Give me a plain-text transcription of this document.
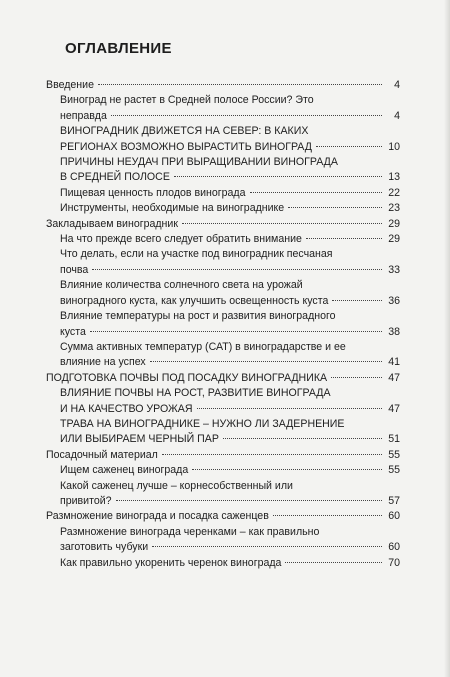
ОГЛАВЛЕНИЕ
Введение	4
Виноград не растет в Средней полосе России? Это
неправда	4
ВИНОГРАДНИК ДВИЖЕТСЯ НА СЕВЕР: В КАКИХ
РЕГИОНАХ ВОЗМОЖНО ВЫРАСТИТЬ ВИНОГРАД	10
ПРИЧИНЫ НЕУДАЧ ПРИ ВЫРАЩИВАНИИ ВИНОГРАДА
В СРЕДНЕЙ ПОЛОСЕ	13
Пищевая ценность плодов винограда	22
Инструменты, необходимые на винограднике	23
Закладываем виноградник	29
На что прежде всего следует обратить внимание	29
Что делать, если на участке под виноградник песчаная
почва	33
Влияние количества солнечного света на урожай
виноградного куста, как улучшить освещенность куста	36
Влияние температуры на рост и развития виноградного
куста	38
Сумма активных температур (САТ) в виноградарстве и ее
влияние на успех	41
ПОДГОТОВКА ПОЧВЫ ПОД ПОСАДКУ ВИНОГРАДНИКА	47
ВЛИЯНИЕ ПОЧВЫ НА РОСТ, РАЗВИТИЕ ВИНОГРАДА
И НА КАЧЕСТВО УРОЖАЯ	47
ТРАВА НА ВИНОГРАДНИКЕ – НУЖНО ЛИ ЗАДЕРНЕНИЕ
ИЛИ ВЫБИРАЕМ ЧЕРНЫЙ ПАР	51
Посадочный материал	55
Ищем саженец винограда	55
Какой саженец лучше – корнесобственный или
привитой?	57
Размножение винограда и посадка саженцев	60
Размножение винограда черенками – как правильно
заготовить чубуки	60
Как правильно укоренить черенок винограда	70
